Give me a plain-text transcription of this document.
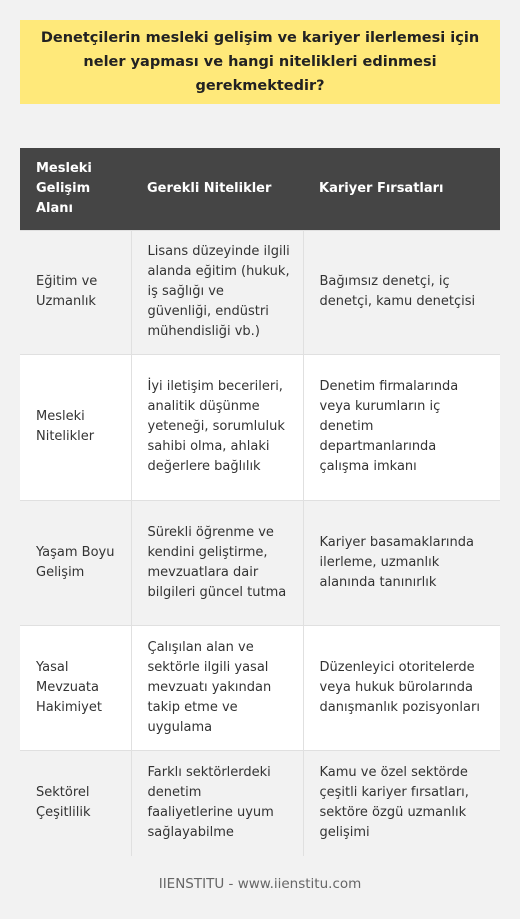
Denetçilerin mesleki gelişim ve kariyer ilerlemesi için neler yapması ve hangi nitelikleri edinmesi gerekmektedir?
Mesleki Gelişim Alanı	Gerekli Nitelikler	Kariyer Fırsatları
Eğitim ve Uzmanlık	Lisans düzeyinde ilgili alanda eğitim (hukuk, iş sağlığı ve güvenliği, endüstri mühendisliği vb.)	Bağımsız denetçi, iç denetçi, kamu denetçisi
Mesleki Nitelikler	İyi iletişim becerileri, analitik düşünme yeteneği, sorumluluk sahibi olma, ahlaki değerlere bağlılık	Denetim firmalarında veya kurumların iç denetim departmanlarında çalışma imkanı
Yaşam Boyu Gelişim	Sürekli öğrenme ve kendini geliştirme, mevzuatlara dair bilgileri güncel tutma	Kariyer basamaklarında ilerleme, uzmanlık alanında tanınırlık
Yasal Mevzuata Hakimiyet	Çalışılan alan ve sektörle ilgili yasal mevzuatı yakından takip etme ve uygulama	Düzenleyici otoritelerde veya hukuk bürolarında danışmanlık pozisyonları
Sektörel Çeşitlilik	Farklı sektörlerdeki denetim faaliyetlerine uyum sağlayabilme	Kamu ve özel sektörde çeşitli kariyer fırsatları, sektöre özgü uzmanlık gelişimi
IIENSTITU - www.iienstitu.com
